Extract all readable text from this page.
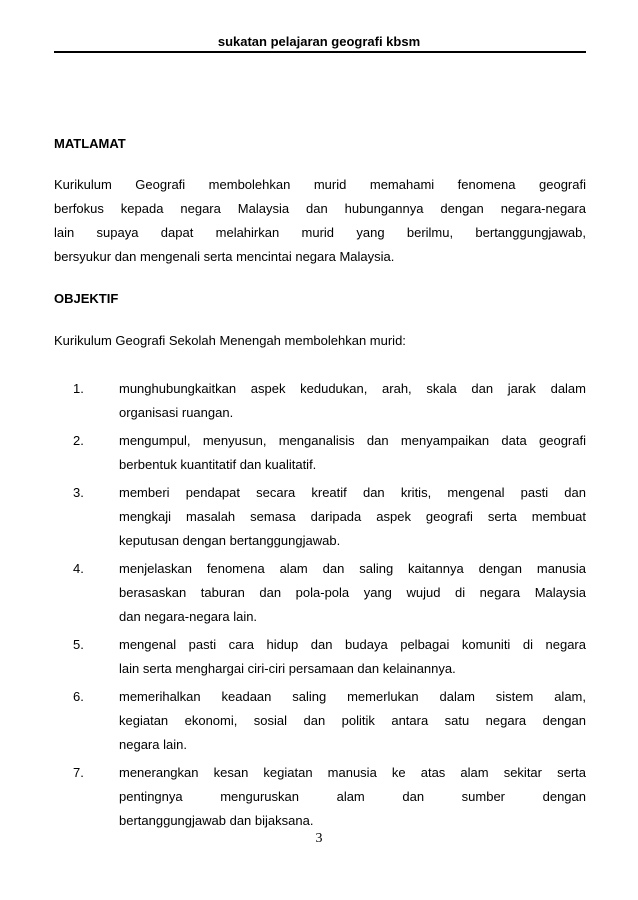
sukatan pelajaran geografi kbsm
MATLAMAT
Kurikulum Geografi membolehkan murid memahami fenomena geografi
berfokus kepada negara Malaysia dan hubungannya dengan negara-negara
lain supaya dapat melahirkan murid yang berilmu, bertanggungjawab,
bersyukur dan mengenali serta mencintai negara Malaysia.
OBJEKTIF
Kurikulum Geografi Sekolah Menengah membolehkan murid:
1.	munghubungkaitkan aspek kedudukan, arah, skala dan jarak dalam
organisasi ruangan.
2.	mengumpul, menyusun, menganalisis dan menyampaikan data geografi
berbentuk kuantitatif dan kualitatif.
3.	memberi pendapat secara kreatif dan kritis, mengenal pasti dan
mengkaji masalah semasa daripada aspek geografi serta membuat
keputusan dengan bertanggungjawab.
4.	menjelaskan fenomena alam dan saling kaitannya dengan manusia
berasaskan taburan dan pola-pola yang wujud di negara Malaysia
dan negara-negara lain.
5.	mengenal pasti cara hidup dan budaya pelbagai komuniti di negara
lain serta menghargai ciri-ciri persamaan dan kelainannya.
6.	memerihalkan keadaan saling memerlukan dalam sistem alam,
kegiatan ekonomi, sosial dan politik antara satu negara dengan
negara lain.
7.	menerangkan kesan kegiatan manusia ke atas alam sekitar serta
pentingnya menguruskan alam dan sumber dengan
bertanggungjawab dan bijaksana.
3
